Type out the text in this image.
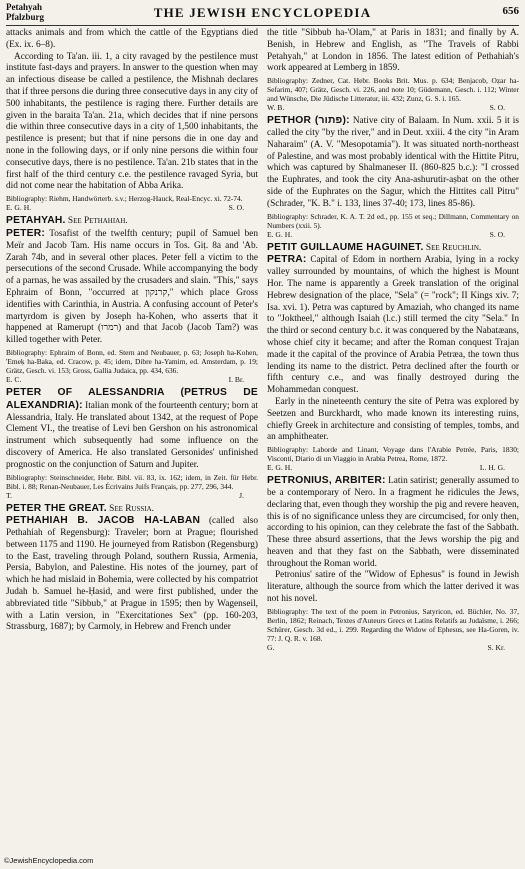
Petahyah
Pfalzburg	THE JEWISH ENCYCLOPEDIA	656

attacks animals and from which the cattle of the Egyptians died (Ex. ix. 6–8).

According to Ta'an. iii. 1, a city ravaged by the pestilence must institute fast-days and prayers. In answer to the question when may an infectious disease be called a pestilence, the Mishnah declares that if three persons die during three consecutive days in any city of 500 inhabitants, the pestilence is raging there. Further details are given in the baraita Ta'an. 21a, which decides that if nine persons die within three consecutive days in a city of 1,500 inhabitants, the pestilence is present; but that if nine persons die in one day and none in the following days, or if only nine persons die within four consecutive days, there is no pestilence. Ta'an. 21b states that in the first half of the third century c.e. the pestilence ravaged Syria, but did not come near the habitation of Abba Arika.

Bibliography: Riehm, Handwörterb. s.v.; Herzog-Hauck, Real-Encyc. xi. 72-74.
E. G. H.	S. O.

PETAHYAH. See Pethahiah.

PETER: Tosafist of the twelfth century; pupil of Samuel ben Meïr and Jacob Tam. His name occurs in Tos. Giṭ. 8a and 'Ab. Zarah 74b, and in several other places. Peter fell a victim to the persecutions of the second Crusade. While accompanying the body of a parnas, he was assailed by the crusaders and slain. "This," says Ephraim of Bonn, "occurred at קרנקון," which place Gross identifies with Carinthia, in Austria. A confusing account of Peter's martyrdom is given by Joseph ha-Kohen, who asserts that it happened at Ramerupt (רמרו) and that Jacob (Jacob Tam?) was killed together with Peter.

Bibliography: Ephraim of Bonn, ed. Stern and Neubauer, p. 63; Joseph ha-Kohen, 'Emeḳ ha-Baka, ed. Cracow, p. 45; idem, Dibre ha-Yamim, ed. Amsterdam, p. 19; Grätz, Gesch. vi. 153; Gross, Gallia Judaica, pp. 434, 636.
E. C.	I. Br.

PETER OF ALESSANDRIA (PETRUS DE ALEXANDRIA): Italian monk of the fourteenth century; born at Alessandria, Italy. He translated about 1342, at the request of Pope Clement VI., the treatise of Levi ben Gershon on his astronomical instrument which subsequently had some influence on the discovery of America. He also translated Gersonides' unfinished prognostic on the conjunction of Saturn and Jupiter.

Bibliography: Steinschneider, Hebr. Bibl. vii. 83, ix. 162; idem, in Zeit. für Hebr. Bibl. i. 88; Renan-Neubauer, Les Écrivains Juifs Français, pp. 277, 296, 344.
T.	J.

PETER THE GREAT. See Russia.

PETHAHIAH B. JACOB HA-LABAN (called also Pethahiah of Regensburg): Traveler; born at Prague; flourished between 1175 and 1190. He journeyed from Ratisbon (Regensburg) to the East, traveling through Poland, southern Russia, Armenia, Persia, Babylon, and Palestine. His notes of the journey, part of which he had mislaid in Bohemia, were collected by his compatriot Judah b. Samuel he-Ḥasid, and were first published, under the abbreviated title "Sibbub," at Prague in 1595; then by Wagenseil, with a Latin version, in "Exercitationes Sex" (pp. 160-203, Strassburg, 1687); by Carmoly, in Hebrew and French under

the title "Sibbub ha-'Olam," at Paris in 1831; and finally by A. Benish, in Hebrew and English, as "The Travels of Rabbi Petahyah," at London in 1856. The latest edition of Pethahiah's work appeared at Lemberg in 1859.

Bibliography: Zedner, Cat. Hebr. Books Brit. Mus. p. 634; Benjacob, Oẓar ha-Sefarim, 407; Grätz, Gesch. vi. 226, and note 10; Güdemann, Gesch. i. 112; Winter and Wünsche, Die Jüdische Litteratur, iii. 432; Zunz, G. S. i. 165.
W. B.	S. O.

PETHOR (פתור): Native city of Balaam. In Num. xxii. 5 it is called the city "by the river," and in Deut. xxiii. 4 the city "in Aram Naharaim" (A. V. "Mesopotamia"). It was situated north-northeast of Palestine, and was most probably identical with the Hittite Pitru, which was captured by Shalmaneser II. (860-825 b.c.): "I crossed the Euphrates, and took the city Ana-ashurutir-aṣbat on the other side of the Euphrates on the Sagur, which the Hittites call Pitru" (Schrader, "K. B." i. 133, lines 37-40; 173, lines 85-86).

Bibliography: Schrader, K. A. T. 2d ed., pp. 155 et seq.; Dillmann, Commentary on Numbers (xxii. 5).
E. G. H.	S. O.

PETIT GUILLAUME HAGUINET. See Reuchlin.

PETRA: Capital of Edom in northern Arabia, lying in a rocky valley surrounded by mountains, of which the highest is Mount Hor. The name is apparently a Greek translation of the original Hebrew designation of the place, "Sela" (= "rock"; II Kings xiv. 7; Isa. xvi. 1). Petra was captured by Amaziah, who changed its name to "Joktheel," although Isaiah (l.c.) still termed the city "Sela." In the third or second century b.c. it was conquered by the Nabatæans, whose chief city it became; and after the Roman conquest Trajan made it the capital of the province of Arabia Petræa, the town thus lending its name to the district. Petra declined after the fourth or fifth century c.e., and was finally destroyed during the Mohammedan conquest.

Early in the nineteenth century the site of Petra was explored by Seetzen and Burckhardt, who made known its interesting ruins, chiefly Greek in architecture and consisting of temples, tombs, and an amphitheater.

Bibliography: Laborde and Linant, Voyage dans l'Arabie Petrée, Paris, 1830; Visconti, Diario di un Viaggio in Arabia Petrea, Rome, 1872.
E. G. H.	L. H. G.

PETRONIUS, ARBITER: Latin satirist; generally assumed to be a contemporary of Nero. In a fragment he ridicules the Jews, declaring that, even though they worship the pig and revere heaven, this is of no significance unless they are circumcised, for only then, according to his opinion, can they celebrate the fast of the Sabbath. These three absurd assertions, that the Jews worship the pig and heaven and that they fast on the Sabbath, were disseminated throughout the Roman world.

Petronius' satire of the "Widow of Ephesus" is found in Jewish literature, although the source from which the latter derived it was not his novel.

Bibliography: The text of the poem in Petronius, Satyricon, ed. Büchler, No. 37, Berlin, 1862; Reinach, Textes d'Auteurs Grecs et Latins Relatifs au Judaïsme, i. 266; Schürer, Gesch. 3d ed., i. 299. Regarding the Widow of Ephesus, see Ha-Goren, iv. 77: J. Q. R. v. 168.
G.	S. Kr.
©JewishEncyclopedia.com
